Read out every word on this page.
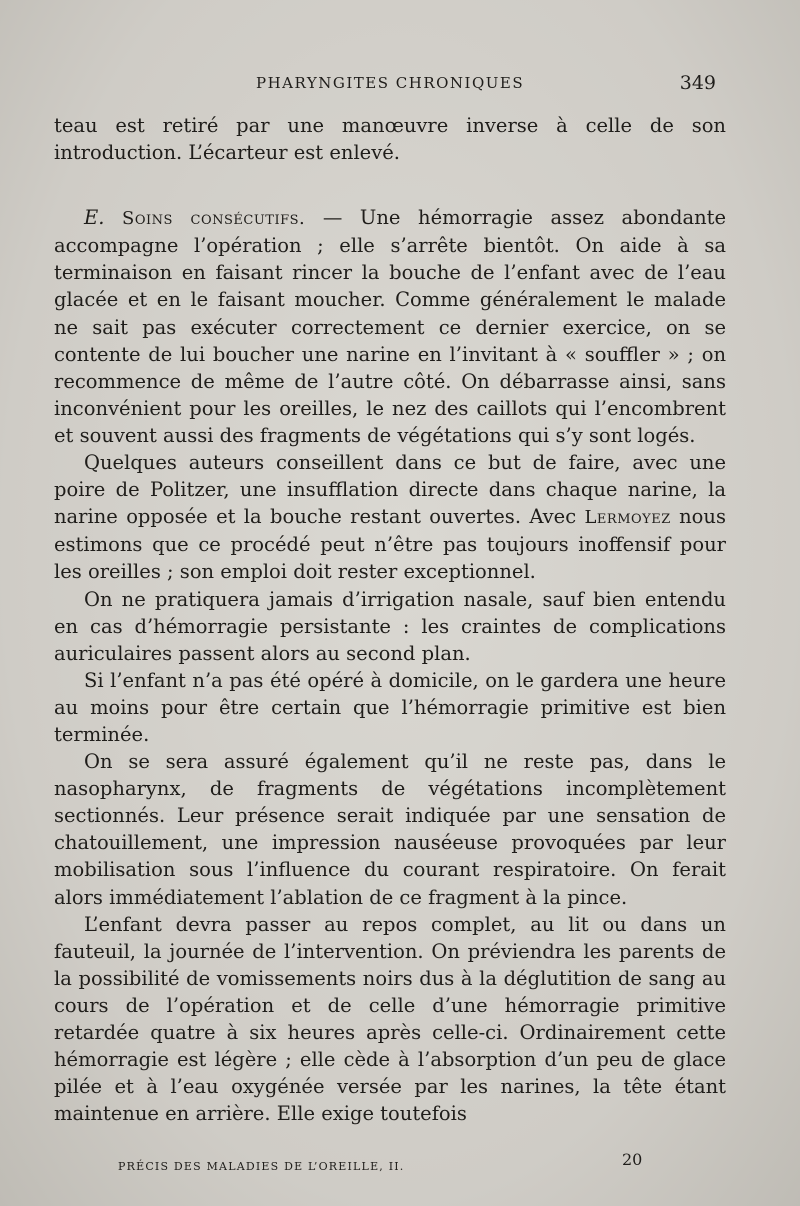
PHARYNGITES CHRONIQUES	349

teau est retiré par une manœuvre inverse à celle de son introduction. L’écarteur est enlevé.

E. Soins consécutifs. — Une hémorragie assez abondante accompagne l’opération ; elle s’arrête bientôt. On aide à sa terminaison en faisant rincer la bouche de l’enfant avec de l’eau glacée et en le faisant moucher. Comme généralement le malade ne sait pas exécuter correctement ce dernier exercice, on se contente de lui boucher une narine en l’invitant à « souffler » ; on recommence de même de l’autre côté. On débarrasse ainsi, sans inconvénient pour les oreilles, le nez des caillots qui l’encombrent et souvent aussi des fragments de végétations qui s’y sont logés.

Quelques auteurs conseillent dans ce but de faire, avec une poire de Politzer, une insufflation directe dans chaque narine, la narine opposée et la bouche restant ouvertes. Avec Lermoyez nous estimons que ce procédé peut n’être pas toujours inoffensif pour les oreilles ; son emploi doit rester exceptionnel.

On ne pratiquera jamais d’irrigation nasale, sauf bien entendu en cas d’hémorragie persistante : les craintes de complications auriculaires passent alors au second plan.

Si l’enfant n’a pas été opéré à domicile, on le gardera une heure au moins pour être certain que l’hémorragie primitive est bien terminée.

On se sera assuré également qu’il ne reste pas, dans le nasopharynx, de fragments de végétations incomplètement sectionnés. Leur présence serait indiquée par une sensation de chatouillement, une impression nauséeuse provoquées par leur mobilisation sous l’influence du courant respiratoire. On ferait alors immédiatement l’ablation de ce fragment à la pince.

L’enfant devra passer au repos complet, au lit ou dans un fauteuil, la journée de l’intervention. On préviendra les parents de la possibilité de vomissements noirs dus à la déglutition de sang au cours de l’opération et de celle d’une hémorragie primitive retardée quatre à six heures après celle-ci. Ordinairement cette hémorragie est légère ; elle cède à l’absorption d’un peu de glace pilée et à l’eau oxygénée versée par les narines, la tête étant maintenue en arrière. Elle exige toutefois

PRÉCIS DES MALADIES DE L’OREILLE, II.	20
